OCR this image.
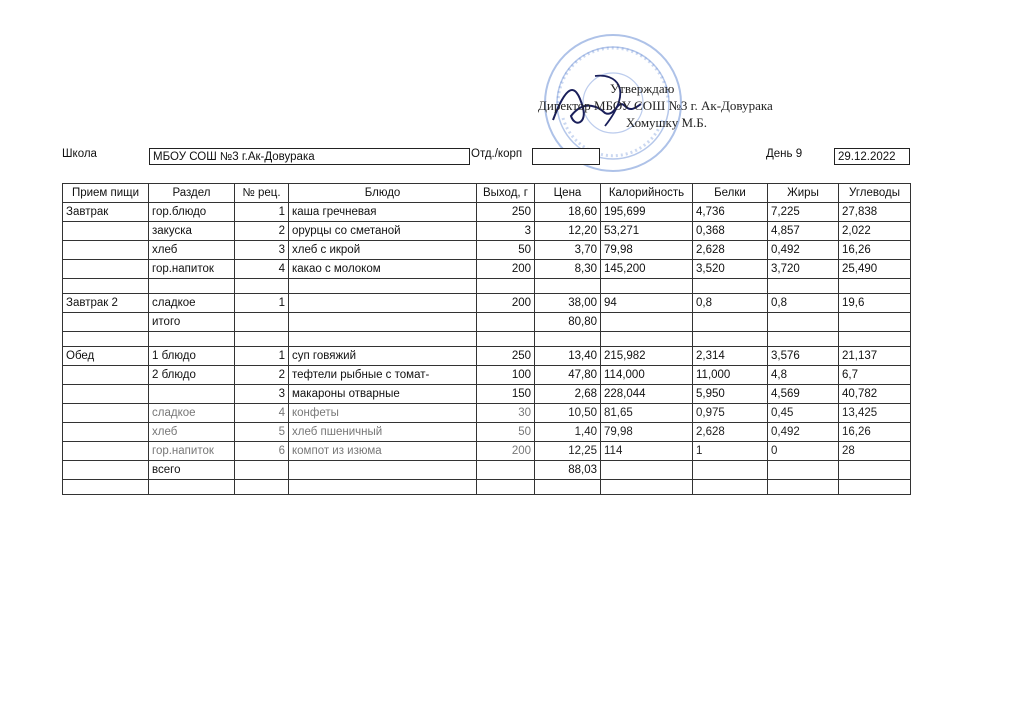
Утверждаю
Директор МБОУ СОШ №3 г. Ак-Довурака
Хомушку М.Б.
Школа	МБОУ СОШ №3 г.Ак-Довурака	Отд./корп	День 9	29.12.2022
Прием пищи	Раздел	№ рец.	Блюдо	Выход, г	Цена	Калорийность	Белки	Жиры	Углеводы
Завтрак	гор.блюдо	1	каша гречневая	250	18,60	195,699	4,736	7,225	27,838
	закуска	2	орурцы со сметаной	3	12,20	53,271	0,368	4,857	2,022
	хлеб	3	хлеб с икрой	50	3,70	79,98	2,628	0,492	16,26
	гор.напиток	4	какао с молоком	200	8,30	145,200	3,520	3,720	25,490

Завтрак 2	сладкое	1		200	38,00	94	0,8	0,8	19,6
	итого				80,80				

Обед	1 блюдо	1	суп говяжий	250	13,40	215,982	2,314	3,576	21,137
	2 блюдо	2	тефтели рыбные с томат-	100	47,80	114,000	11,000	4,8	6,7
		3	макароны отварные	150	2,68	228,044	5,950	4,569	40,782
	сладкое	4	конфеты	30	10,50	81,65	0,975	0,45	13,425
	хлеб	5	хлеб пшеничный	50	1,40	79,98	2,628	0,492	16,26
	гор.напиток	6	компот из изюма	200	12,25	114	1	0	28
	всего				88,03				
